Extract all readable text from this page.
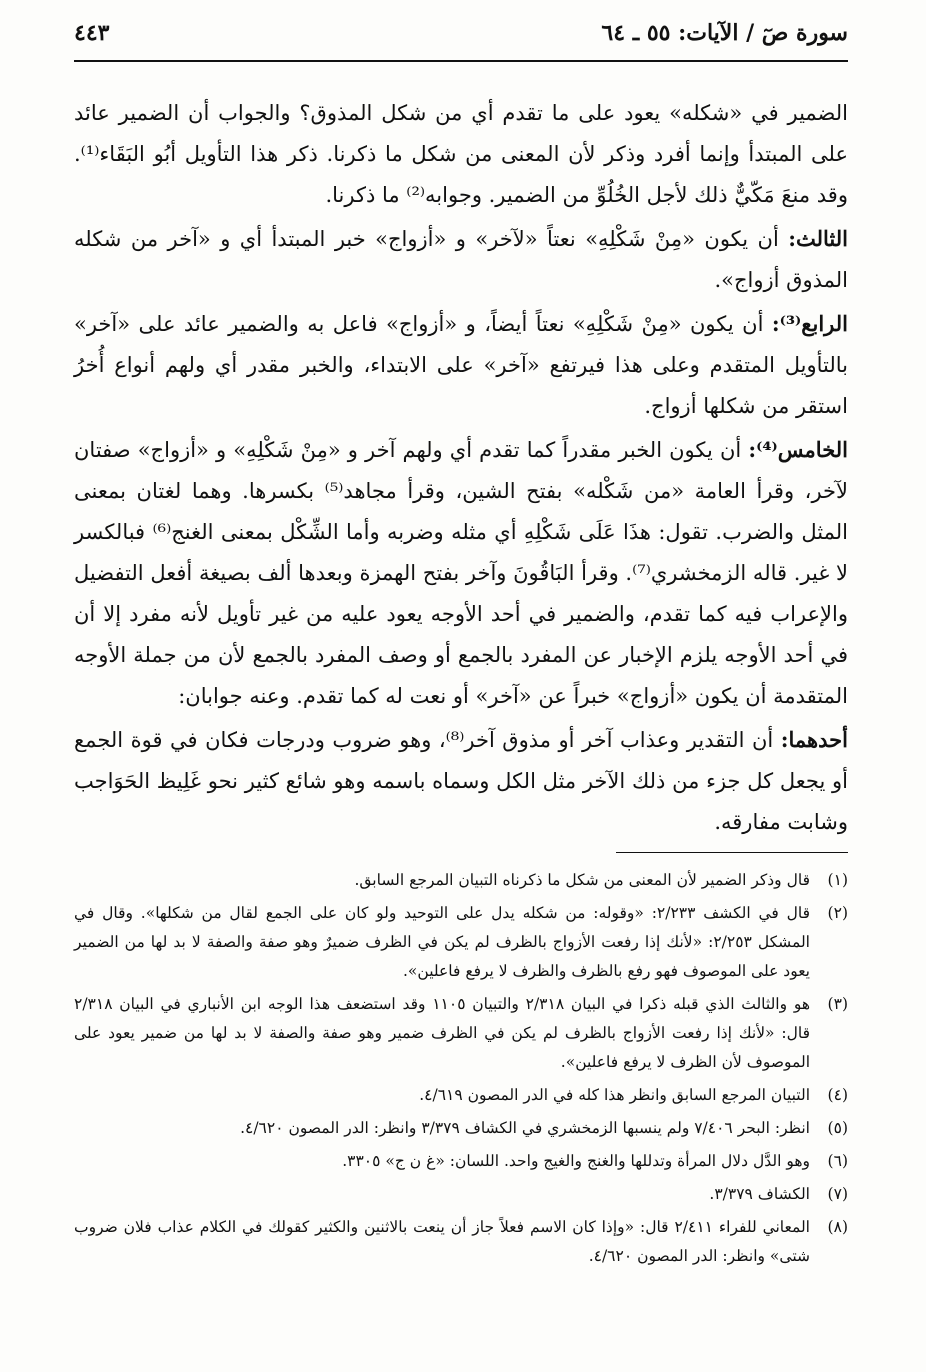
سورة صٓ / الآيات: ٥٥ ـ ٦٤
٤٤٣

الضمير في «شكله» يعود على ما تقدم أي من شكل المذوق؟ والجواب أن الضمير عائد على المبتدأ وإنما أفرد وذكر لأن المعنى من شكل ما ذكرنا. ذكر هذا التأويل أبُو البَقَاء⁽¹⁾. وقد منعَ مَكّيٌّ ذلك لأجل الخُلُوِّ من الضمير. وجوابه⁽²⁾ ما ذكرنا.

الثالث: أن يكون «مِنْ شَكْلِهِ» نعتاً «لآخر» و «أزواج» خبر المبتدأ أي و «آخر من شكله المذوق أزواج».

الرابع⁽³⁾: أن يكون «مِنْ شَكْلِهِ» نعتاً أيضاً، و «أزواج» فاعل به والضمير عائد على «آخر» بالتأويل المتقدم وعلى هذا فيرتفع «آخر» على الابتداء، والخبر مقدر أي ولهم أنواع أُخرُ استقر من شكلها أزواج.

الخامس⁽⁴⁾: أن يكون الخبر مقدراً كما تقدم أي ولهم آخر و «مِنْ شَكْلِهِ» و «أزواج» صفتان لآخر، وقرأ العامة «من شَكْله» بفتح الشين، وقرأ مجاهد⁽⁵⁾ بكسرها. وهما لغتان بمعنى المثل والضرب. تقول: هذَا عَلَى شَكْلِهِ أي مثله وضربه وأما الشِّكْل بمعنى الغنج⁽⁶⁾ فبالكسر لا غير. قاله الزمخشري⁽⁷⁾. وقرأ البَاقُونَ وآخر بفتح الهمزة وبعدها ألف بصيغة أفعل التفضيل والإعراب فيه كما تقدم، والضمير في أحد الأوجه يعود عليه من غير تأويل لأنه مفرد إلا أن في أحد الأوجه يلزم الإخبار عن المفرد بالجمع أو وصف المفرد بالجمع لأن من جملة الأوجه المتقدمة أن يكون «أزواج» خبراً عن «آخر» أو نعت له كما تقدم. وعنه جوابان:

أحدهما: أن التقدير وعذاب آخر أو مذوق آخر⁽⁸⁾، وهو ضروب ودرجات فكان في قوة الجمع أو يجعل كل جزء من ذلك الآخر مثل الكل وسماه باسمه وهو شائع كثير نحو غَلِيظ الحَوَاجب وشابت مفارقه.

(١)
قال وذكر الضمير لأن المعنى من شكل ما ذكرناه التبيان المرجع السابق.
(٢)
قال في الكشف ٢/٢٣٣: «وقوله: من شكله يدل على التوحيد ولو كان على الجمع لقال من شكلها». وقال في المشكل ٢/٢٥٣: «لأنك إذا رفعت الأزواج بالظرف لم يكن في الظرف ضميرٌ وهو صفة والصفة لا بد لها من الضمير يعود على الموصوف فهو رفع بالظرف والظرف لا يرفع فاعلين».
(٣)
هو والثالث الذي قبله ذكرا في البيان ٢/٣١٨ والتبيان ١١٠٥ وقد استضعف هذا الوجه ابن الأنباري في البيان ٢/٣١٨ قال: «لأنك إذا رفعت الأزواج بالظرف لم يكن في الظرف ضمير وهو صفة والصفة لا بد لها من ضمير يعود على الموصوف لأن الظرف لا يرفع فاعلين».
(٤)
التبيان المرجع السابق وانظر هذا كله في الدر المصون ٤/٦١٩.
(٥)
انظر: البحر ٧/٤٠٦ ولم ينسبها الزمخشري في الكشاف ٣/٣٧٩ وانظر: الدر المصون ٤/٦٢٠.
(٦)
وهو الدَّل دلال المرأة وتدللها والغنج والغيج واحد. اللسان: «غ ن ج» ٣٣٠٥.
(٧)
الكشاف ٣/٣٧٩.
(٨)
المعاني للفراء ٢/٤١١ قال: «وإذا كان الاسم فعلاً جاز أن ينعت بالاثنين والكثير كقولك في الكلام عذاب فلان ضروب شتى» وانظر: الدر المصون ٤/٦٢٠.
